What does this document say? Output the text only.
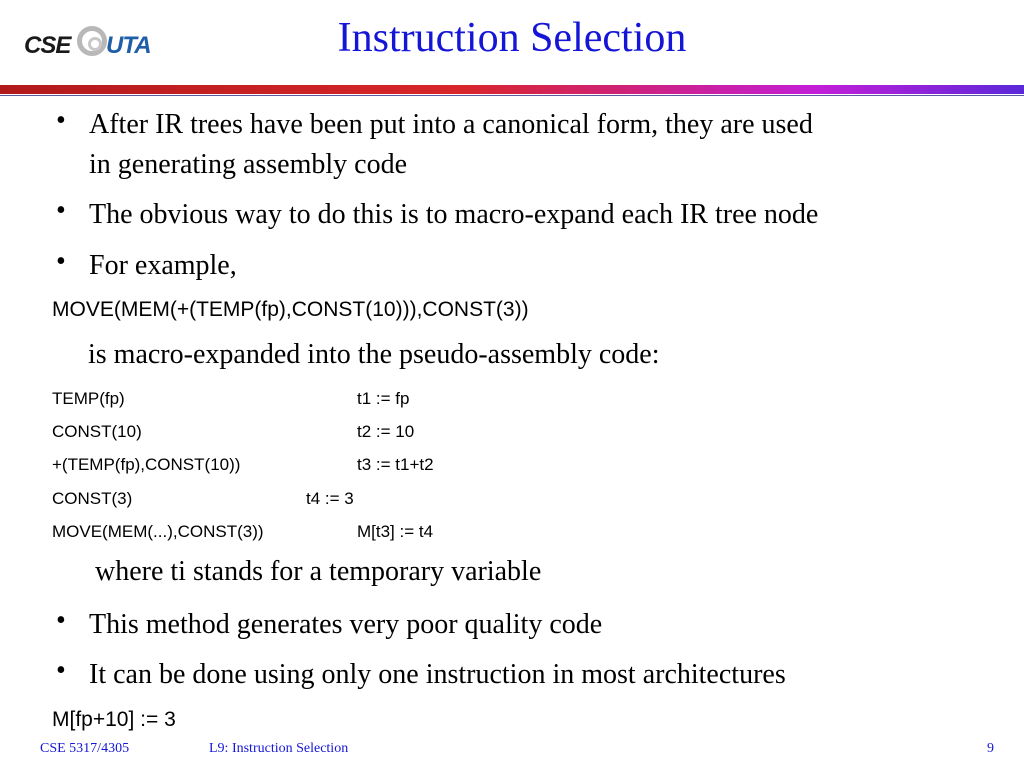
CSE UTA	Instruction Selection
• After IR trees have been put into a canonical form, they are used
in generating assembly code
• The obvious way to do this is to macro-expand each IR tree node
• For example,
MOVE(MEM(+(TEMP(fp),CONST(10))),CONST(3))
is macro-expanded into the pseudo-assembly code:
TEMP(fp)	t1 := fp
CONST(10)	t2 := 10
+(TEMP(fp),CONST(10))	t3 := t1+t2
CONST(3)	t4 := 3
MOVE(MEM(...),CONST(3))	M[t3] := t4
where ti stands for a temporary variable
• This method generates very poor quality code
• It can be done using only one instruction in most architectures
M[fp+10] := 3
CSE 5317/4305	L9: Instruction Selection	9
